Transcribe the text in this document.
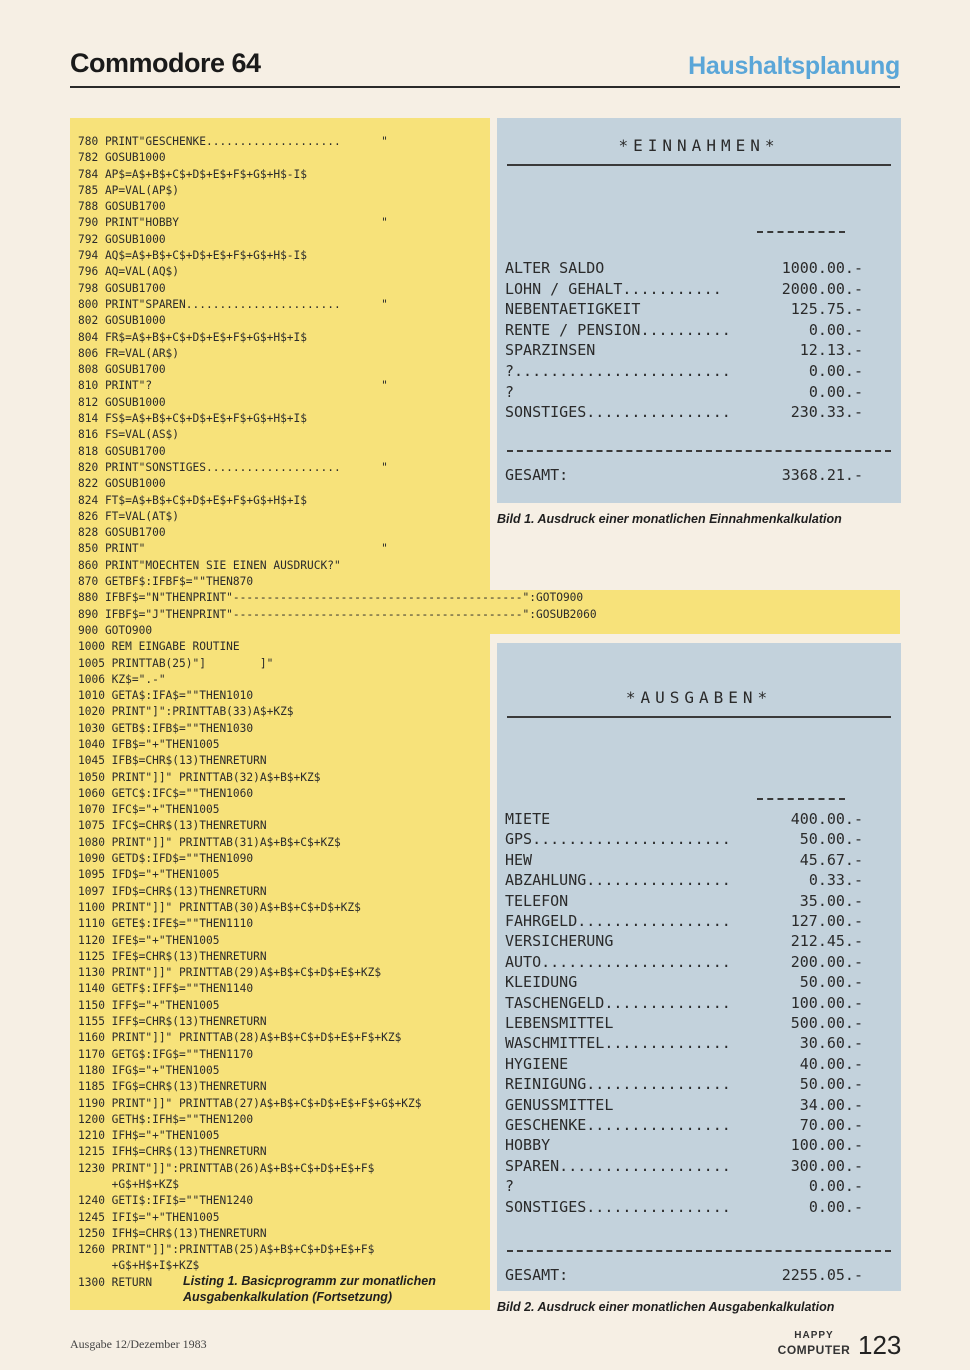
Commodore 64	Haushaltsplanung
780 PRINT"GESCHENKE....................      "
782 GOSUB1000
784 AP$=A$+B$+C$+D$+E$+F$+G$+H$-I$
785 AP=VAL(AP$)
788 GOSUB1700
790 PRINT"HOBBY                              "
792 GOSUB1000
794 AQ$=A$+B$+C$+D$+E$+F$+G$+H$-I$
796 AQ=VAL(AQ$)
798 GOSUB1700
800 PRINT"SPAREN.......................      "
802 GOSUB1000
804 FR$=A$+B$+C$+D$+E$+F$+G$+H$+I$
806 FR=VAL(AR$)
808 GOSUB1700
810 PRINT"?                                  "
812 GOSUB1000
814 FS$=A$+B$+C$+D$+E$+F$+G$+H$+I$
816 FS=VAL(AS$)
818 GOSUB1700
820 PRINT"SONSTIGES....................      "
822 GOSUB1000
824 FT$=A$+B$+C$+D$+E$+F$+G$+H$+I$
826 FT=VAL(AT$)
828 GOSUB1700
850 PRINT"                                   "
860 PRINT"MOECHTEN SIE EINEN AUSDRUCK?"
870 GETBF$:IFBF$=""THEN870
880 IFBF$="N"THENPRINT"-------------------------------------------":GOTO900
890 IFBF$="J"THENPRINT"-------------------------------------------":GOSUB2060
900 GOTO900
1000 REM EINGABE ROUTINE
1005 PRINTTAB(25)"]        ]"
1006 KZ$=".-"
1010 GETA$:IFA$=""THEN1010
1020 PRINT"]":PRINTTAB(33)A$+KZ$
1030 GETB$:IFB$=""THEN1030
1040 IFB$="+"THEN1005
1045 IFB$=CHR$(13)THENRETURN
1050 PRINT"]]" PRINTTAB(32)A$+B$+KZ$
1060 GETC$:IFC$=""THEN1060
1070 IFC$="+"THEN1005
1075 IFC$=CHR$(13)THENRETURN
1080 PRINT"]]" PRINTTAB(31)A$+B$+C$+KZ$
1090 GETD$:IFD$=""THEN1090
1095 IFD$="+"THEN1005
1097 IFD$=CHR$(13)THENRETURN
1100 PRINT"]]" PRINTTAB(30)A$+B$+C$+D$+KZ$
1110 GETE$:IFE$=""THEN1110
1120 IFE$="+"THEN1005
1125 IFE$=CHR$(13)THENRETURN
1130 PRINT"]]" PRINTTAB(29)A$+B$+C$+D$+E$+KZ$
1140 GETF$:IFF$=""THEN1140
1150 IFF$="+"THEN1005
1155 IFF$=CHR$(13)THENRETURN
1160 PRINT"]]" PRINTTAB(28)A$+B$+C$+D$+E$+F$+KZ$
1170 GETG$:IFG$=""THEN1170
1180 IFG$="+"THEN1005
1185 IFG$=CHR$(13)THENRETURN
1190 PRINT"]]" PRINTTAB(27)A$+B$+C$+D$+E$+F$+G$+KZ$
1200 GETH$:IFH$=""THEN1200
1210 IFH$="+"THEN1005
1215 IFH$=CHR$(13)THENRETURN
1230 PRINT"]]":PRINTTAB(26)A$+B$+C$+D$+E$+F$
+G$+H$+KZ$
1240 GETI$:IFI$=""THEN1240
1245 IFI$="+"THEN1005
1250 IFH$=CHR$(13)THENRETURN
1260 PRINT"]]":PRINTTAB(25)A$+B$+C$+D$+E$+F$
+G$+H$+I$+KZ$
1300 RETURN	Listing 1. Basicprogramm zur monatlichen Ausgabenkalkulation (Fortsetzung)
*EINNAHMEN*
ALTER SALDO	1000.00.-
LOHN / GEHALT...........	2000.00.-
NEBENTAETIGKEIT	125.75.-
RENTE / PENSION..........	0.00.-
SPARZINSEN	12.13.-
?........................	0.00.-
?	0.00.-
SONSTIGES................	230.33.-
GESAMT:	3368.21.-
Bild 1. Ausdruck einer monatlichen Einnahmenkalkulation
*AUSGABEN*
MIETE	400.00.-
GPS......................	50.00.-
HEW	45.67.-
ABZAHLUNG................	0.33.-
TELEFON	35.00.-
FAHRGELD.................	127.00.-
VERSICHERUNG	212.45.-
AUTO.....................	200.00.-
KLEIDUNG	50.00.-
TASCHENGELD..............	100.00.-
LEBENSMITTEL	500.00.-
WASCHMITTEL..............	30.60.-
HYGIENE	40.00.-
REINIGUNG................	50.00.-
GENUSSMITTEL	34.00.-
GESCHENKE................	70.00.-
HOBBY	100.00.-
SPAREN...................	300.00.-
?	0.00.-
SONSTIGES................	0.00.-
GESAMT:	2255.05.-
Bild 2. Ausdruck einer monatlichen Ausgabenkalkulation
Ausgabe 12/Dezember 1983
HAPPY
COMPUTER 123
